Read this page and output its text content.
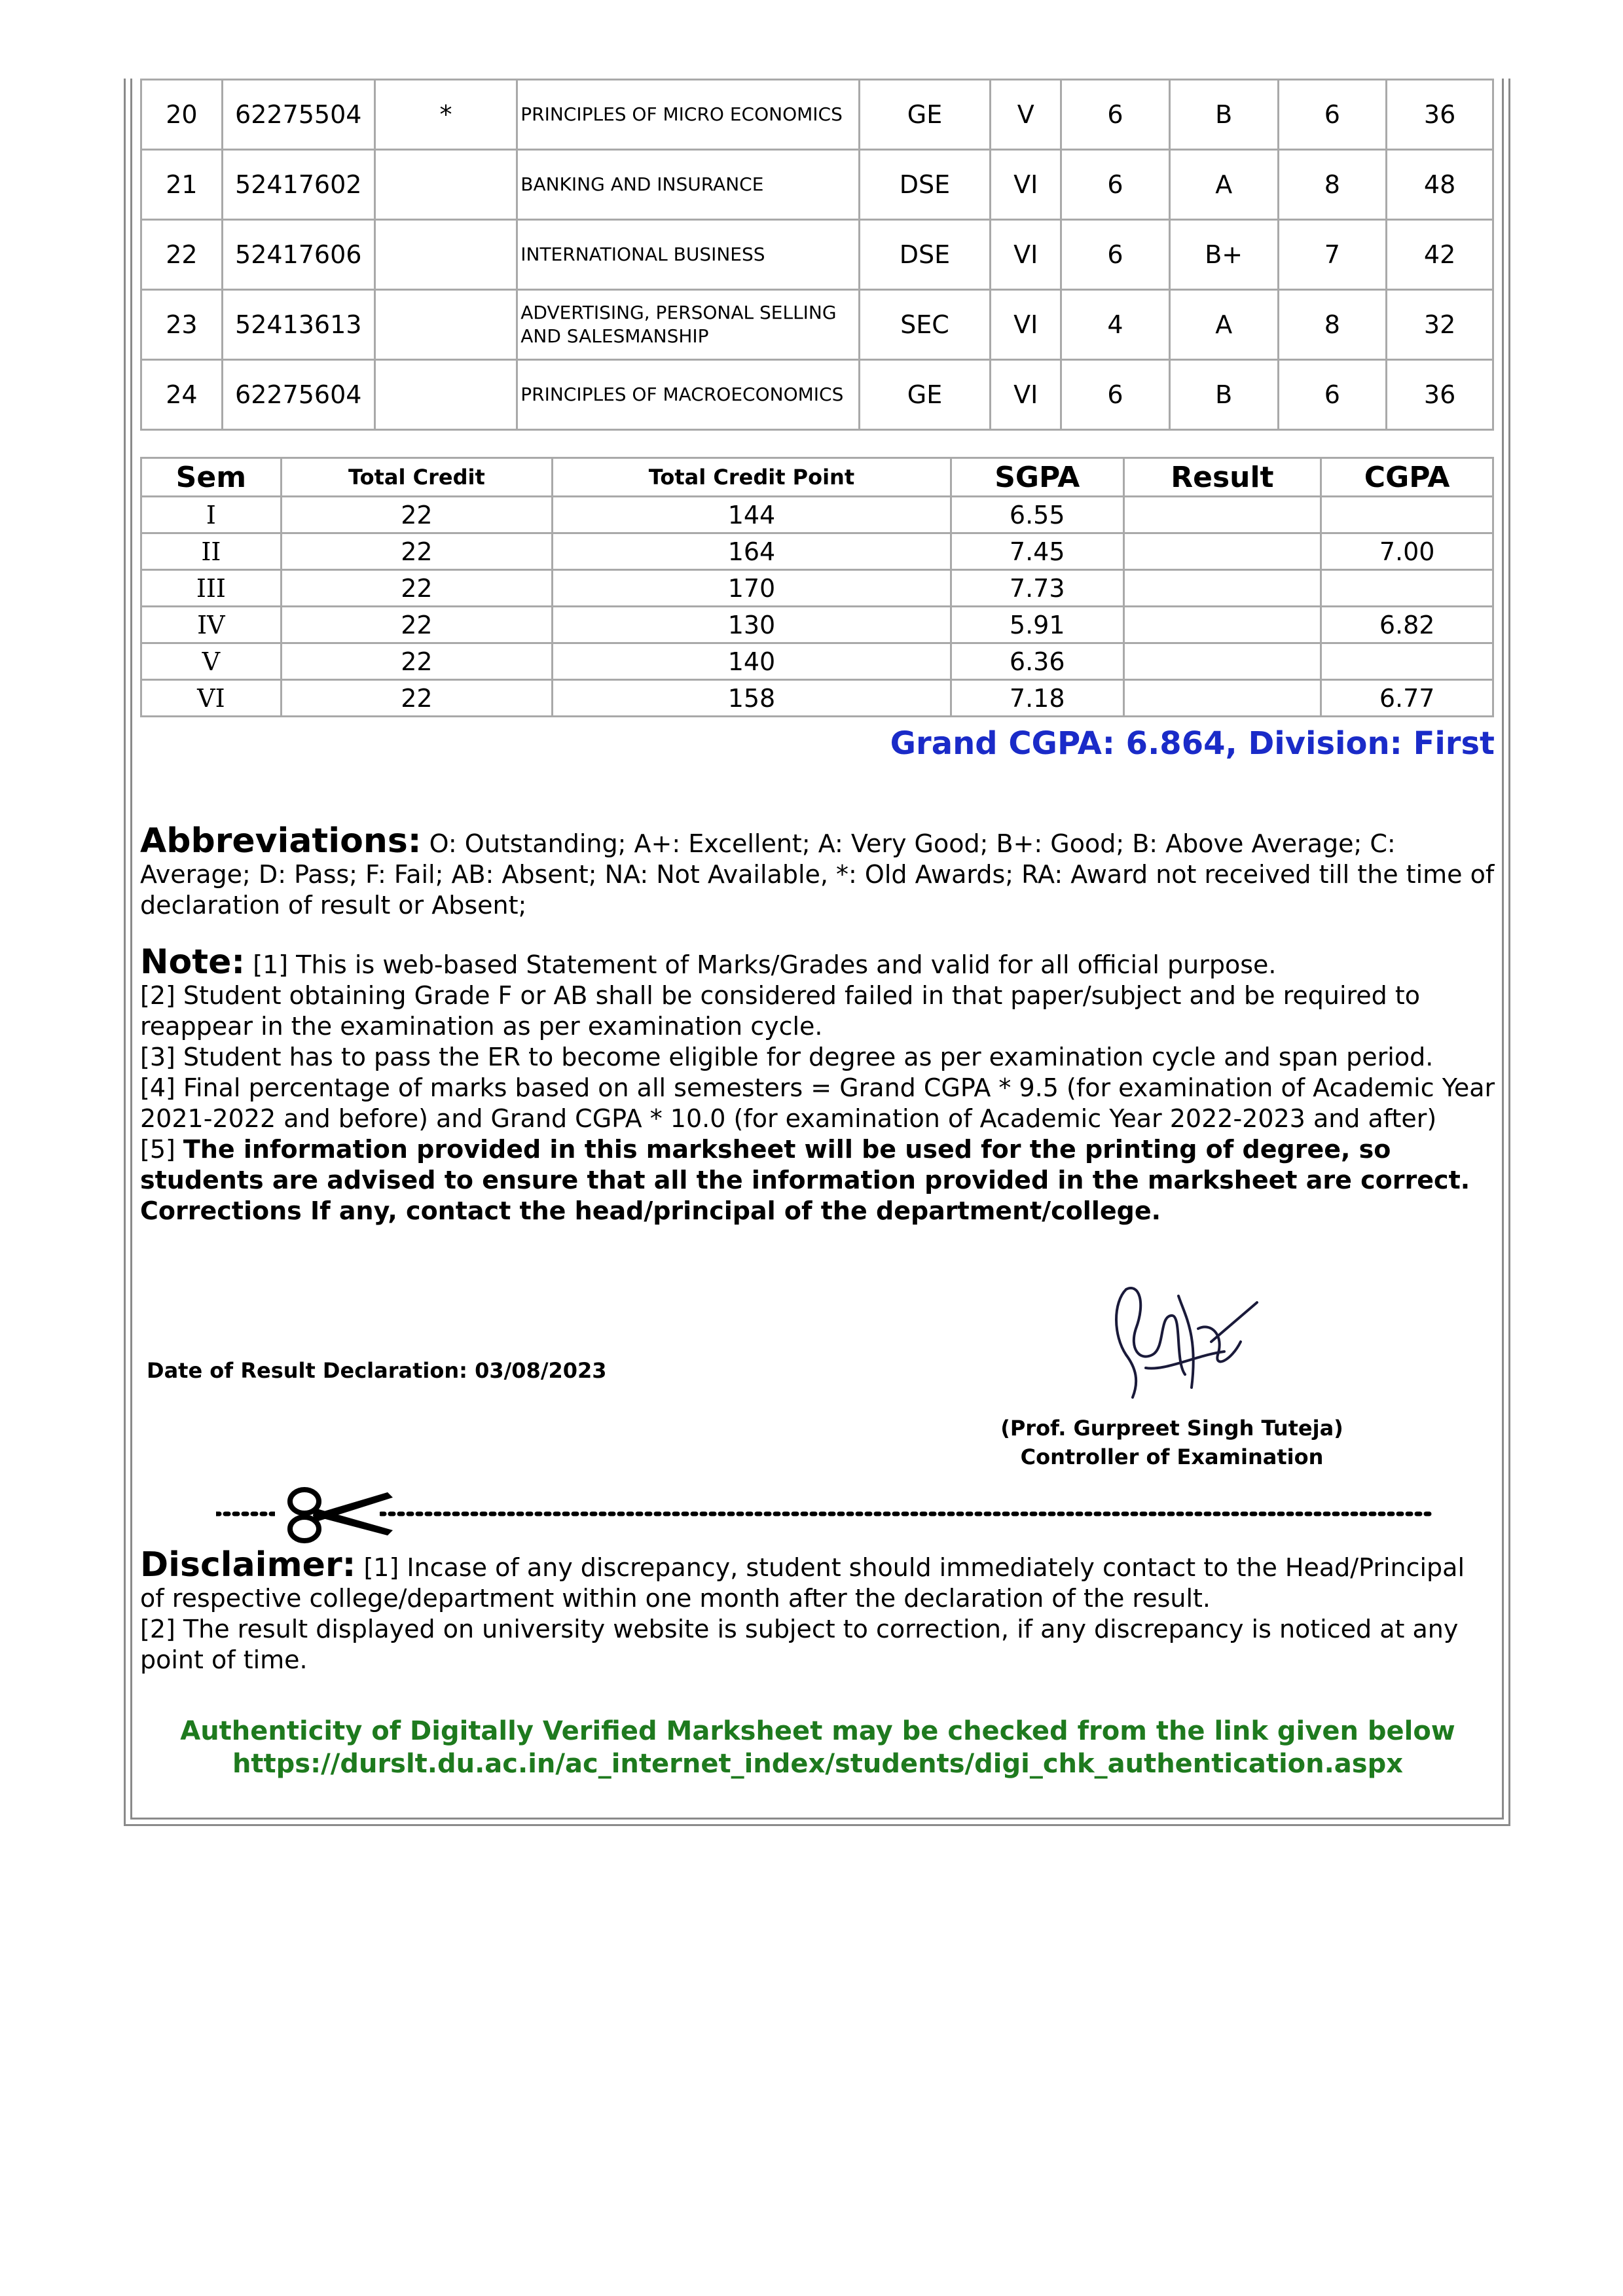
20	62275504	*	PRINCIPLES OF MICRO ECONOMICS	GE	V	6	B	6	36
21	52417602		BANKING AND INSURANCE	DSE	VI	6	A	8	48
22	52417606		INTERNATIONAL BUSINESS	DSE	VI	6	B+	7	42
23	52413613		ADVERTISING, PERSONAL SELLING AND SALESMANSHIP	SEC	VI	4	A	8	32
24	62275604		PRINCIPLES OF MACROECONOMICS	GE	VI	6	B	6	36
Sem	Total Credit	Total Credit Point	SGPA	Result	CGPA
I	22	144	6.55		
II	22	164	7.45		7.00
III	22	170	7.73		
IV	22	130	5.91		6.82
V	22	140	6.36		
VI	22	158	7.18		6.77
Grand CGPA: 6.864, Division: First
Abbreviations: O: Outstanding; A+: Excellent; A: Very Good; B+: Good; B: Above Average; C: Average; D: Pass; F: Fail; AB: Absent; NA: Not Available, *: Old Awards; RA: Award not received till the time of declaration of result or Absent;
Note: [1] This is web-based Statement of Marks/Grades and valid for all official purpose.
[2] Student obtaining Grade F or AB shall be considered failed in that paper/subject and be required to reappear in the examination as per examination cycle.
[3] Student has to pass the ER to become eligible for degree as per examination cycle and span period.
[4] Final percentage of marks based on all semesters = Grand CGPA * 9.5 (for examination of Academic Year 2021-2022 and before) and Grand CGPA * 10.0 (for examination of Academic Year 2022-2023 and after)
[5] The information provided in this marksheet will be used for the printing of degree, so students are advised to ensure that all the information provided in the marksheet are correct. Corrections If any, contact the head/principal of the department/college.
Date of Result Declaration: 03/08/2023
(Prof. Gurpreet Singh Tuteja)
Controller of Examination
Disclaimer: [1] Incase of any discrepancy, student should immediately contact to the Head/Principal of respective college/department within one month after the declaration of the result.
[2] The result displayed on university website is subject to correction, if any discrepancy is noticed at any point of time.
Authenticity of Digitally Verified Marksheet may be checked from the link given below
https://durslt.du.ac.in/ac_internet_index/students/digi_chk_authentication.aspx
